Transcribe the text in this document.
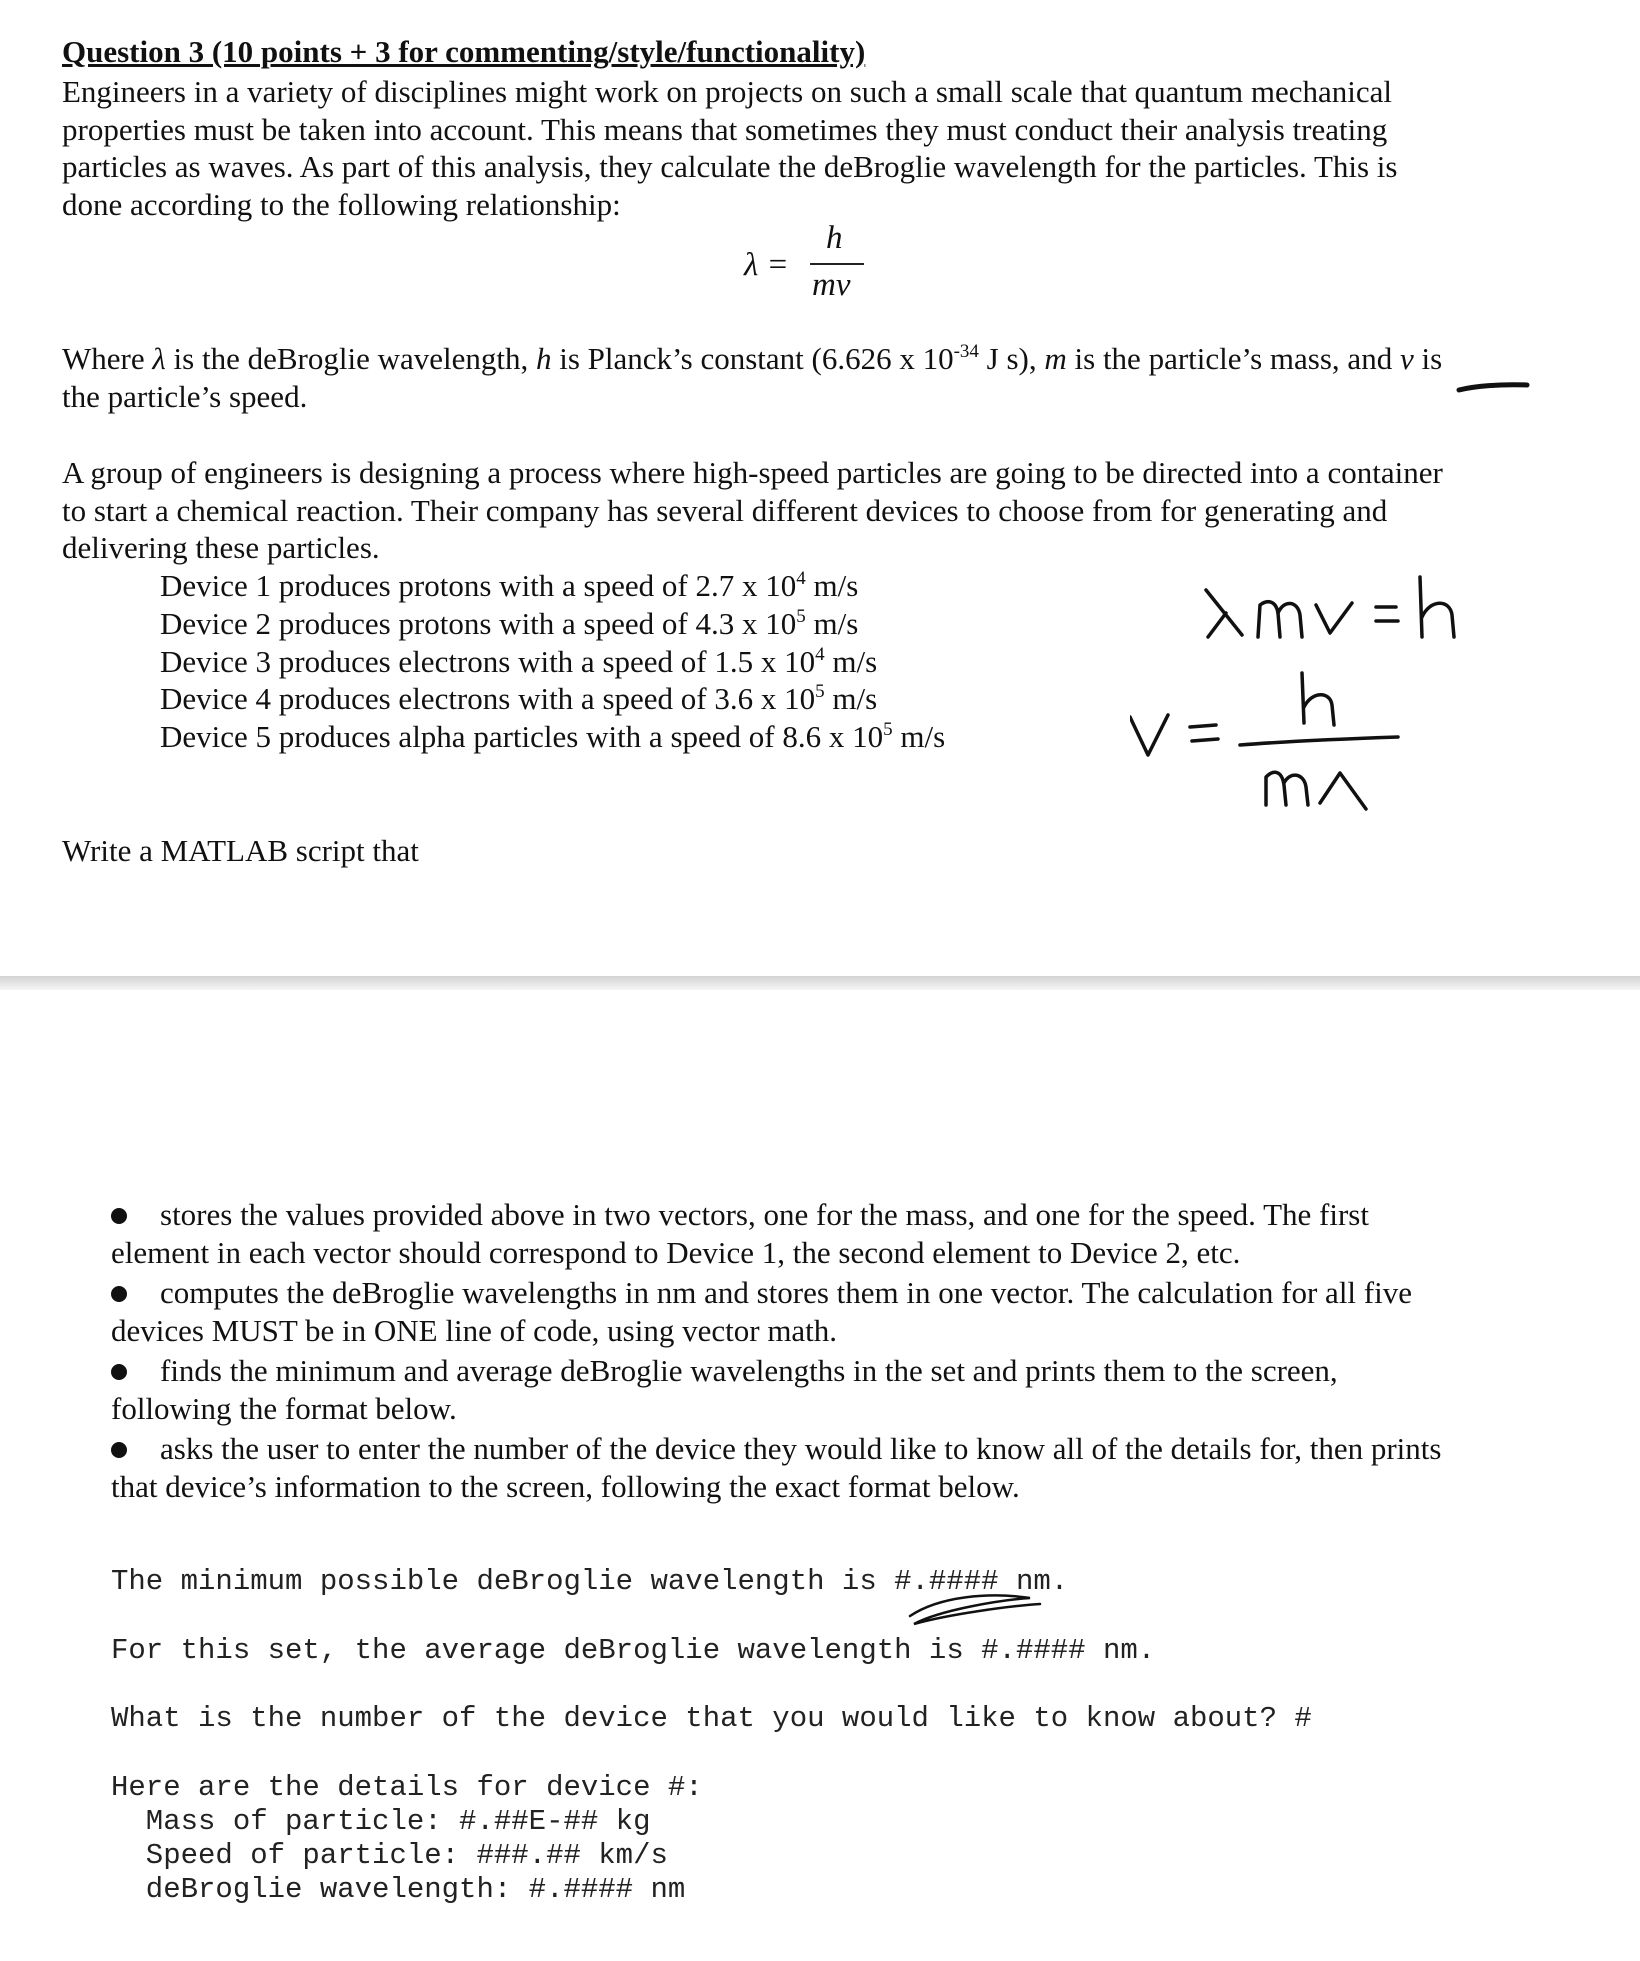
Question 3 (10 points + 3 for commenting/style/functionality)
Engineers in a variety of disciplines might work on projects on such a small scale that quantum mechanical
properties must be taken into account. This means that sometimes they must conduct their analysis treating
particles as waves. As part of this analysis, they calculate the deBroglie wavelength for the particles. This is
done according to the following relationship:
λ =
h
mv
Where λ is the deBroglie wavelength, h is Planck’s constant (6.626 x $10^{-34}$ J s), m is the particle’s mass, and v is
the particle’s speed.
A group of engineers is designing a process where high-speed particles are going to be directed into a container
to start a chemical reaction. Their company has several different devices to choose from for generating and
delivering these particles.
Device 1 produces protons with a speed of 2.7 x $10^4$ m/s
Device 2 produces protons with a speed of 4.3 x $10^5$ m/s
Device 3 produces electrons with a speed of 1.5 x $10^4$ m/s
Device 4 produces electrons with a speed of 3.6 x $10^5$ m/s
Device 5 produces alpha particles with a speed of 8.6 x $10^5$ m/s
Write a MATLAB script that
stores the values provided above in two vectors, one for the mass, and one for the speed. The first
element in each vector should correspond to Device 1, the second element to Device 2, etc.
computes the deBroglie wavelengths in nm and stores them in one vector. The calculation for all five
devices MUST be in ONE line of code, using vector math.
finds the minimum and average deBroglie wavelengths in the set and prints them to the screen,
following the format below.
asks the user to enter the number of the device they would like to know all of the details for, then prints
that device’s information to the screen, following the exact format below.
The minimum possible deBroglie wavelength is #.#### nm.
For this set, the average deBroglie wavelength is #.#### nm.
What is the number of the device that you would like to know about? #
Here are the details for device #:
Mass of particle: #.##E-## kg
Speed of particle: ###.## km/s
deBroglie wavelength: #.#### nm
